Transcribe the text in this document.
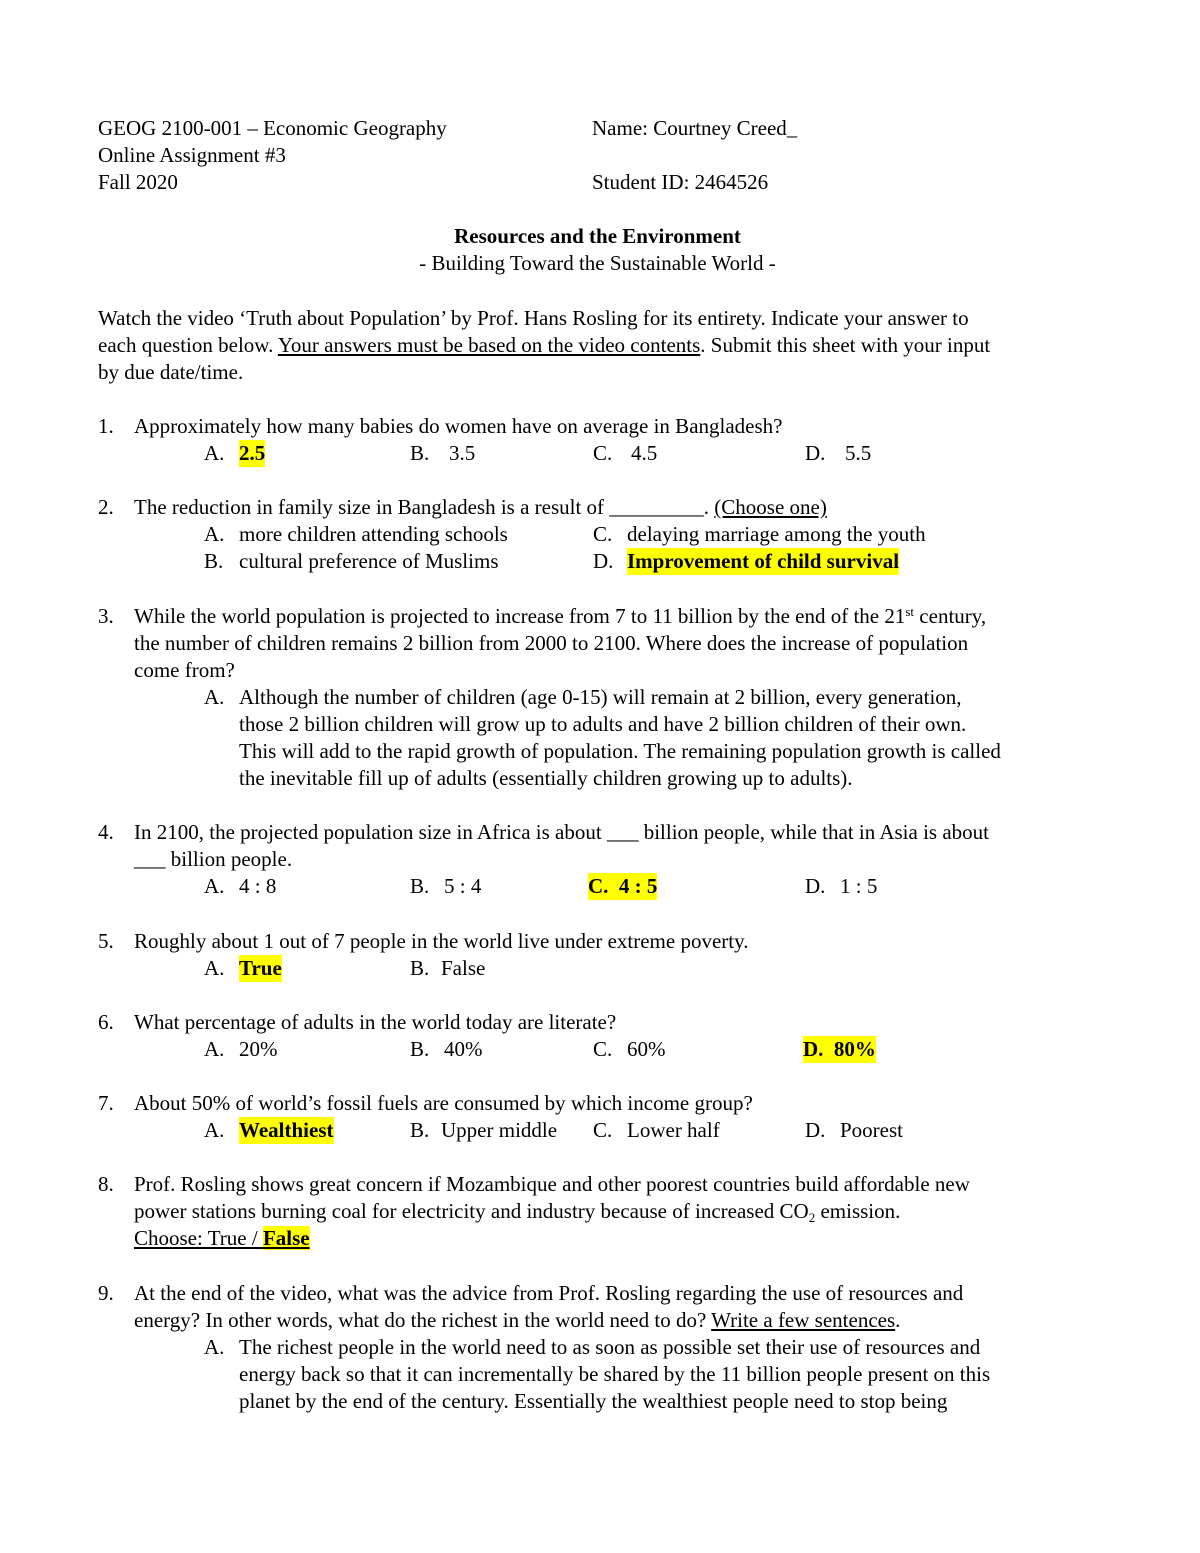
GEOG 2100-001 – Economic Geography
Online Assignment #3
Fall 2020
Name: Courtney Creed_
Student ID: 2464526
Resources and the Environment
- Building Toward the Sustainable World -
Watch the video ‘Truth about Population’ by Prof. Hans Rosling for its entirety. Indicate your answer to
each question below. Your answers must be based on the video contents. Submit this sheet with your input
by due date/time.
1. Approximately how many babies do women have on average in Bangladesh?
A. 2.5	B. 3.5	C. 4.5	D. 5.5
2. The reduction in family size in Bangladesh is a result of _________. (Choose one)
A. more children attending schools	C. delaying marriage among the youth
B. cultural preference of Muslims	D. Improvement of child survival
3. While the world population is projected to increase from 7 to 11 billion by the end of the 21st century,
the number of children remains 2 billion from 2000 to 2100. Where does the increase of population
come from?
A. Although the number of children (age 0-15) will remain at 2 billion, every generation,
those 2 billion children will grow up to adults and have 2 billion children of their own.
This will add to the rapid growth of population. The remaining population growth is called
the inevitable fill up of adults (essentially children growing up to adults).
4. In 2100, the projected population size in Africa is about ___ billion people, while that in Asia is about
___ billion people.
A. 4 : 8	B. 5 : 4	C.  4 : 5	D. 1 : 5
5. Roughly about 1 out of 7 people in the world live under extreme poverty.
A. True	B. False
6. What percentage of adults in the world today are literate?
A. 20%	B. 40%	C. 60%	D.  80%
7. About 50% of world’s fossil fuels are consumed by which income group?
A. Wealthiest	B. Upper middle C. Lower half	D. Poorest
8. Prof. Rosling shows great concern if Mozambique and other poorest countries build affordable new
power stations burning coal for electricity and industry because of increased $CO_2$ emission.
Choose: True / False
9. At the end of the video, what was the advice from Prof. Rosling regarding the use of resources and
energy? In other words, what do the richest in the world need to do? Write a few sentences.
A. The richest people in the world need to as soon as possible set their use of resources and
energy back so that it can incrementally be shared by the 11 billion people present on this
planet by the end of the century. Essentially the wealthiest people need to stop being
